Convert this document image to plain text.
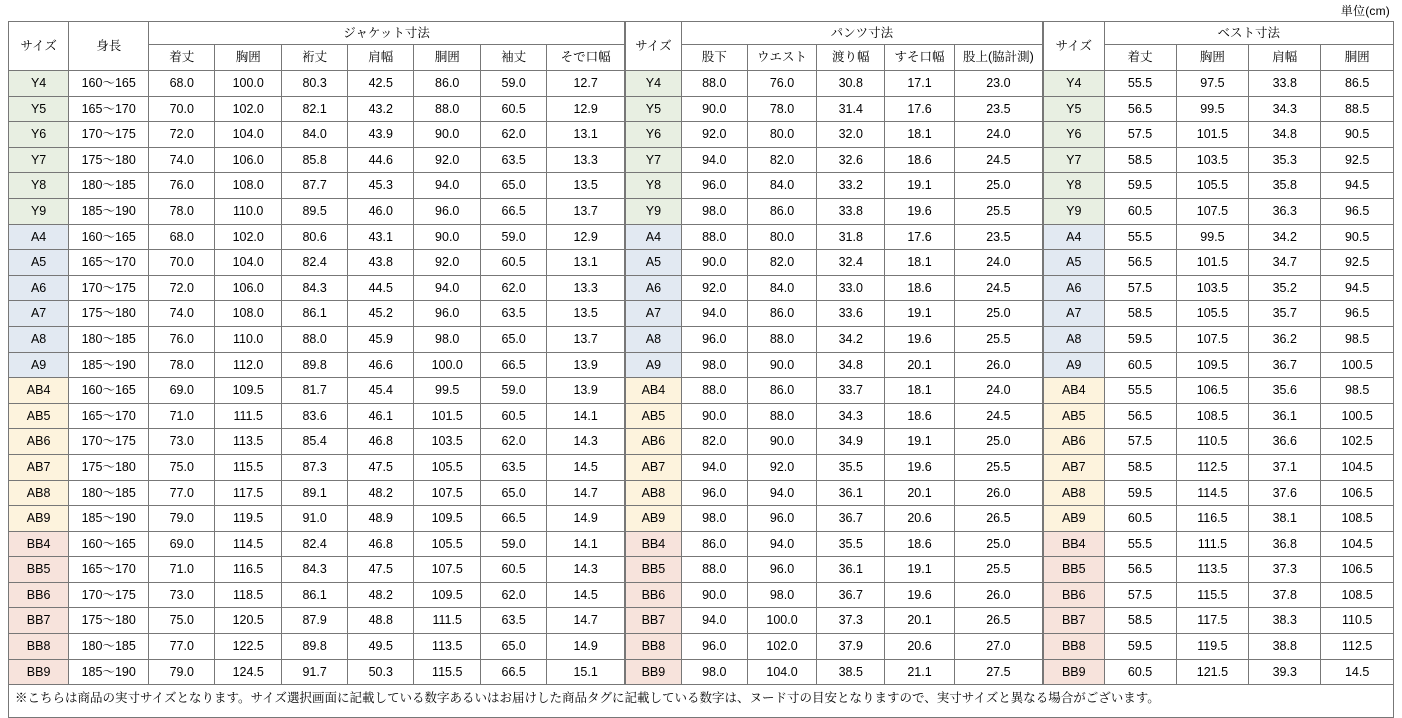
単位(cm)
サイズ	身長	ジャケット寸法						
		着丈	胸囲	裄丈	肩幅	胴囲	袖丈	そで口幅
Y4	160～165	68.0	100.0	80.3	42.5	86.0	59.0	12.7
Y5	165～170	70.0	102.0	82.1	43.2	88.0	60.5	12.9
Y6	170～175	72.0	104.0	84.0	43.9	90.0	62.0	13.1
Y7	175～180	74.0	106.0	85.8	44.6	92.0	63.5	13.3
Y8	180～185	76.0	108.0	87.7	45.3	94.0	65.0	13.5
Y9	185～190	78.0	110.0	89.5	46.0	96.0	66.5	13.7
A4	160～165	68.0	102.0	80.6	43.1	90.0	59.0	12.9
A5	165～170	70.0	104.0	82.4	43.8	92.0	60.5	13.1
A6	170～175	72.0	106.0	84.3	44.5	94.0	62.0	13.3
A7	175～180	74.0	108.0	86.1	45.2	96.0	63.5	13.5
A8	180～185	76.0	110.0	88.0	45.9	98.0	65.0	13.7
A9	185～190	78.0	112.0	89.8	46.6	100.0	66.5	13.9
AB4	160～165	69.0	109.5	81.7	45.4	99.5	59.0	13.9
AB5	165～170	71.0	111.5	83.6	46.1	101.5	60.5	14.1
AB6	170～175	73.0	113.5	85.4	46.8	103.5	62.0	14.3
AB7	175～180	75.0	115.5	87.3	47.5	105.5	63.5	14.5
AB8	180～185	77.0	117.5	89.1	48.2	107.5	65.0	14.7
AB9	185～190	79.0	119.5	91.0	48.9	109.5	66.5	14.9
BB4	160～165	69.0	114.5	82.4	46.8	105.5	59.0	14.1
BB5	165～170	71.0	116.5	84.3	47.5	107.5	60.5	14.3
BB6	170～175	73.0	118.5	86.1	48.2	109.5	62.0	14.5
BB7	175～180	75.0	120.5	87.9	48.8	111.5	63.5	14.7
BB8	180～185	77.0	122.5	89.8	49.5	113.5	65.0	14.9
BB9	185～190	79.0	124.5	91.7	50.3	115.5	66.5	15.1
サイズ	パンツ寸法				
	股下	ウエスト	渡り幅	すそ口幅	股上(脇計測)
Y4	88.0	76.0	30.8	17.1	23.0
Y5	90.0	78.0	31.4	17.6	23.5
Y6	92.0	80.0	32.0	18.1	24.0
Y7	94.0	82.0	32.6	18.6	24.5
Y8	96.0	84.0	33.2	19.1	25.0
Y9	98.0	86.0	33.8	19.6	25.5
A4	88.0	80.0	31.8	17.6	23.5
A5	90.0	82.0	32.4	18.1	24.0
A6	92.0	84.0	33.0	18.6	24.5
A7	94.0	86.0	33.6	19.1	25.0
A8	96.0	88.0	34.2	19.6	25.5
A9	98.0	90.0	34.8	20.1	26.0
AB4	88.0	86.0	33.7	18.1	24.0
AB5	90.0	88.0	34.3	18.6	24.5
AB6	82.0	90.0	34.9	19.1	25.0
AB7	94.0	92.0	35.5	19.6	25.5
AB8	96.0	94.0	36.1	20.1	26.0
AB9	98.0	96.0	36.7	20.6	26.5
BB4	86.0	94.0	35.5	18.6	25.0
BB5	88.0	96.0	36.1	19.1	25.5
BB6	90.0	98.0	36.7	19.6	26.0
BB7	94.0	100.0	37.3	20.1	26.5
BB8	96.0	102.0	37.9	20.6	27.0
BB9	98.0	104.0	38.5	21.1	27.5
サイズ	ベスト寸法			
	着丈	胸囲	肩幅	胴囲
Y4	55.5	97.5	33.8	86.5
Y5	56.5	99.5	34.3	88.5
Y6	57.5	101.5	34.8	90.5
Y7	58.5	103.5	35.3	92.5
Y8	59.5	105.5	35.8	94.5
Y9	60.5	107.5	36.3	96.5
A4	55.5	99.5	34.2	90.5
A5	56.5	101.5	34.7	92.5
A6	57.5	103.5	35.2	94.5
A7	58.5	105.5	35.7	96.5
A8	59.5	107.5	36.2	98.5
A9	60.5	109.5	36.7	100.5
AB4	55.5	106.5	35.6	98.5
AB5	56.5	108.5	36.1	100.5
AB6	57.5	110.5	36.6	102.5
AB7	58.5	112.5	37.1	104.5
AB8	59.5	114.5	37.6	106.5
AB9	60.5	116.5	38.1	108.5
BB4	55.5	111.5	36.8	104.5
BB5	56.5	113.5	37.3	106.5
BB6	57.5	115.5	37.8	108.5
BB7	58.5	117.5	38.3	110.5
BB8	59.5	119.5	38.8	112.5
BB9	60.5	121.5	39.3	14.5
※こちらは商品の実寸サイズとなります。サイズ選択画面に記載している数字あるいはお届けした商品タグに記載している数字は、ヌード寸の目安となりますので、実寸サイズと異なる場合がございます。
